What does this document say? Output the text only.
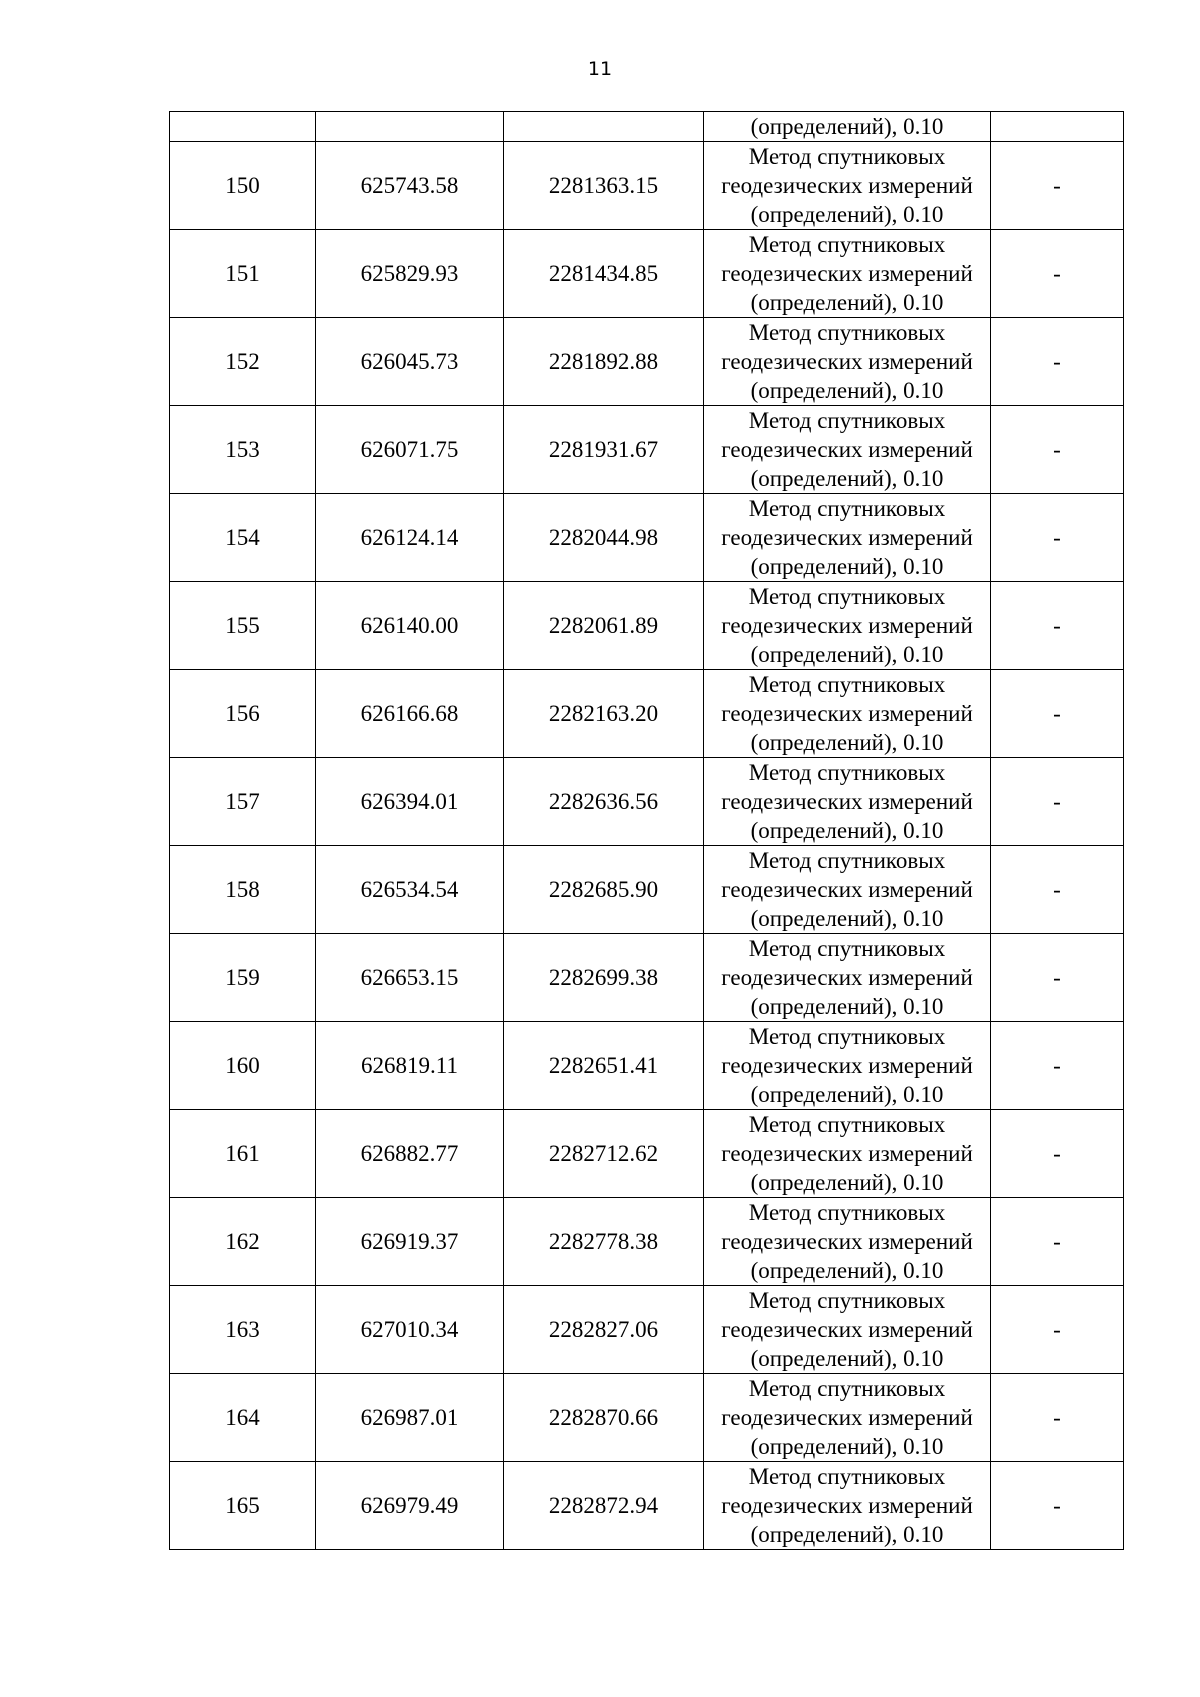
11
			(определений), 0.10	
150	625743.58	2281363.15	Метод спутниковых
геодезических измерений
(определений), 0.10	-
151	625829.93	2281434.85	Метод спутниковых
геодезических измерений
(определений), 0.10	-
152	626045.73	2281892.88	Метод спутниковых
геодезических измерений
(определений), 0.10	-
153	626071.75	2281931.67	Метод спутниковых
геодезических измерений
(определений), 0.10	-
154	626124.14	2282044.98	Метод спутниковых
геодезических измерений
(определений), 0.10	-
155	626140.00	2282061.89	Метод спутниковых
геодезических измерений
(определений), 0.10	-
156	626166.68	2282163.20	Метод спутниковых
геодезических измерений
(определений), 0.10	-
157	626394.01	2282636.56	Метод спутниковых
геодезических измерений
(определений), 0.10	-
158	626534.54	2282685.90	Метод спутниковых
геодезических измерений
(определений), 0.10	-
159	626653.15	2282699.38	Метод спутниковых
геодезических измерений
(определений), 0.10	-
160	626819.11	2282651.41	Метод спутниковых
геодезических измерений
(определений), 0.10	-
161	626882.77	2282712.62	Метод спутниковых
геодезических измерений
(определений), 0.10	-
162	626919.37	2282778.38	Метод спутниковых
геодезических измерений
(определений), 0.10	-
163	627010.34	2282827.06	Метод спутниковых
геодезических измерений
(определений), 0.10	-
164	626987.01	2282870.66	Метод спутниковых
геодезических измерений
(определений), 0.10	-
165	626979.49	2282872.94	Метод спутниковых
геодезических измерений
(определений), 0.10	-
